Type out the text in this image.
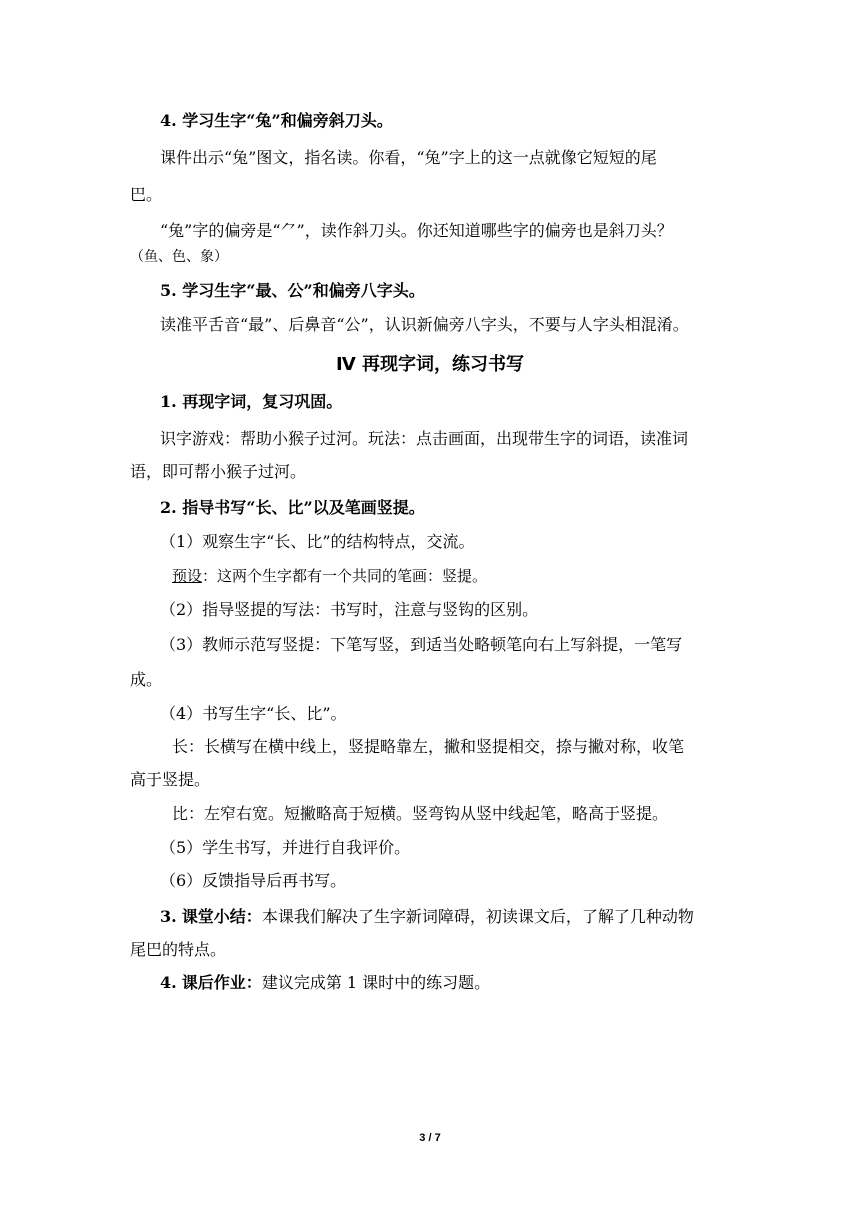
4. 学习生字“兔”和偏旁斜刀头。
课件出示“兔”图文，指名读。你看，“兔”字上的这一点就像它短短的尾
巴。
“兔”字的偏旁是“⺈”，读作斜刀头。你还知道哪些字的偏旁也是斜刀头？
（鱼、色、象）
5. 学习生字“最、公”和偏旁八字头。
读准平舌音“最”、后鼻音“公”，认识新偏旁八字头，不要与人字头相混淆。
Ⅳ 再现字词，练习书写
1. 再现字词，复习巩固。
识字游戏：帮助小猴子过河。玩法：点击画面，出现带生字的词语，读准词
语，即可帮小猴子过河。
2. 指导书写“长、比”以及笔画竖提。
（1）观察生字“长、比”的结构特点，交流。
预设：这两个生字都有一个共同的笔画：竖提。
（2）指导竖提的写法：书写时，注意与竖钩的区别。
（3）教师示范写竖提：下笔写竖，到适当处略顿笔向右上写斜提，一笔写
成。
（4）书写生字“长、比”。
长：长横写在横中线上，竖提略靠左，撇和竖提相交，捺与撇对称，收笔
高于竖提。
比：左窄右宽。短撇略高于短横。竖弯钩从竖中线起笔，略高于竖提。
（5）学生书写，并进行自我评价。
（6）反馈指导后再书写。
3. 课堂小结：本课我们解决了生字新词障碍，初读课文后，了解了几种动物
尾巴的特点。
4. 课后作业：建议完成第 1 课时中的练习题。
3 / 7
